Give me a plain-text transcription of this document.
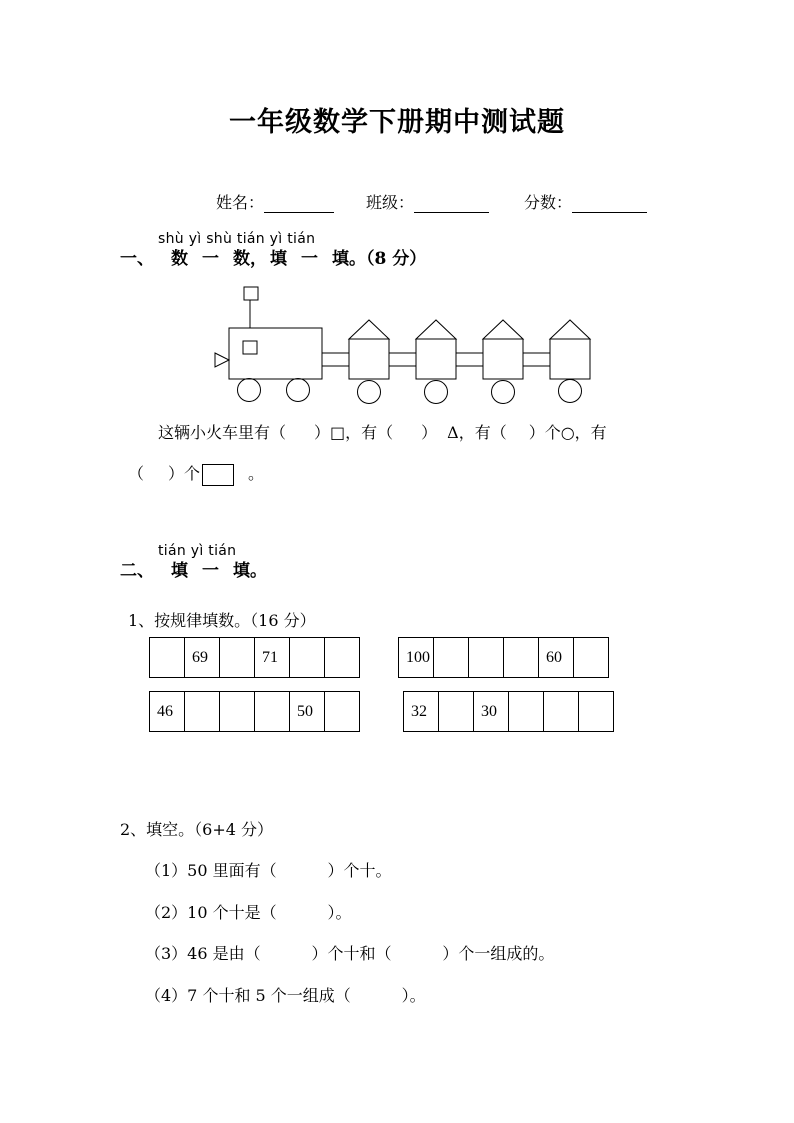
一年级数学下册期中测试题
姓名：	班级：	分数：
shù yì shù tián yì tián
一、 数 一 数， 填 一 填。（8 分）
这辆小火车里有（ ）□，有（ ） Δ，有（ ）个○，有
（ ）个	。
tián yì tián
二、 填 一 填。
1、按规律填数。（16 分）
	69		71			100				60	
46				50		32		30			
2、填空。（6+4 分）
（1）50 里面有（          ）个十。
（2）10 个十是（          ）。
（3）46 是由（          ）个十和（          ）个一组成的。
（4）7 个十和 5 个一组成（          ）。
